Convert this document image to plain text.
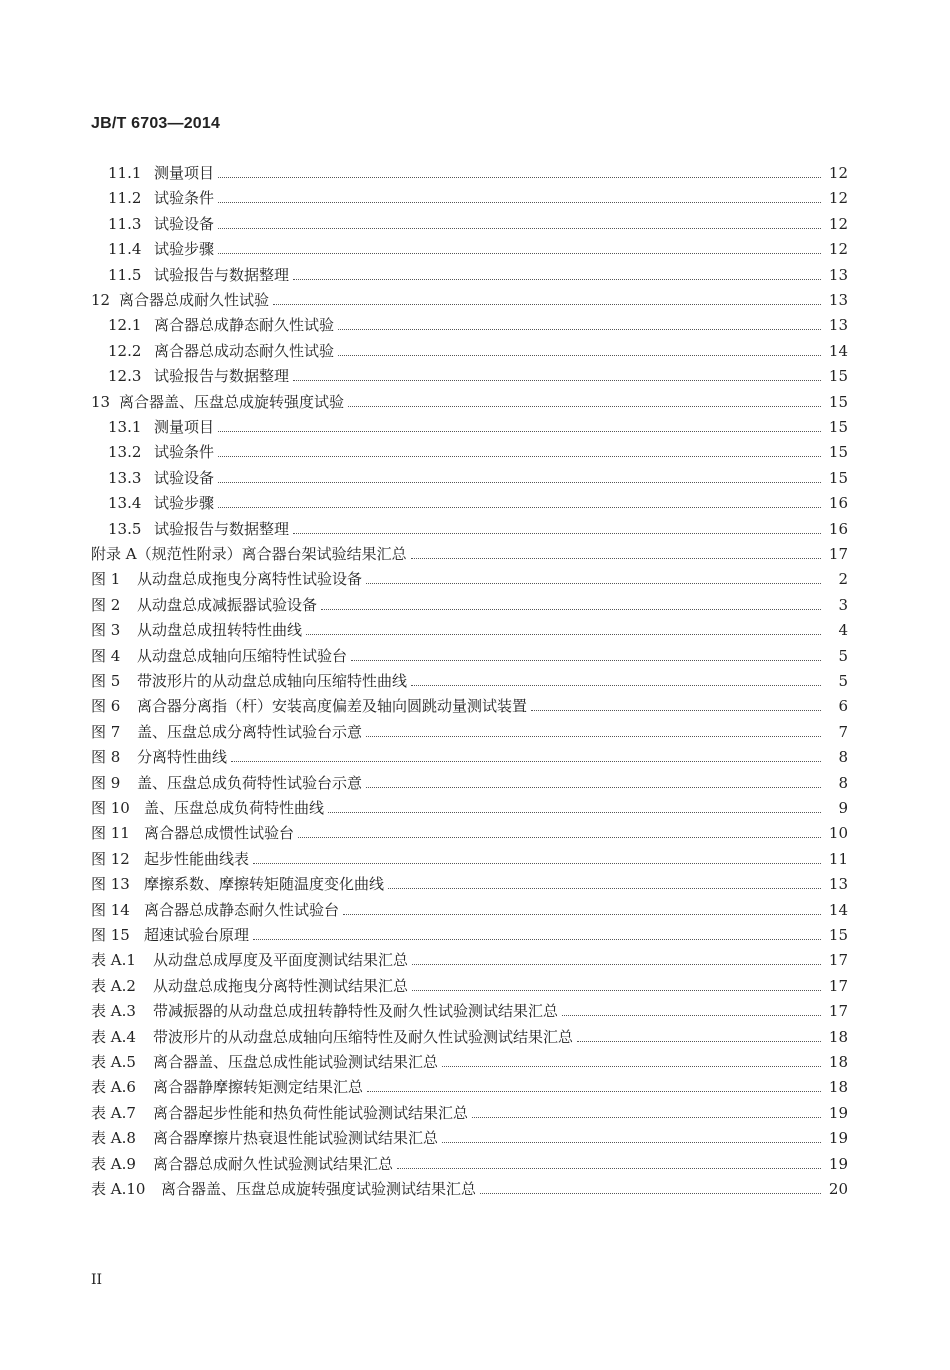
JB/T 6703—2014
11.1 测量项目	12
11.2 试验条件	12
11.3 试验设备	12
11.4 试验步骤	12
11.5 试验报告与数据整理	13
12 离合器总成耐久性试验	13
12.1 离合器总成静态耐久性试验	13
12.2 离合器总成动态耐久性试验	14
12.3 试验报告与数据整理	15
13 离合器盖、压盘总成旋转强度试验	15
13.1 测量项目	15
13.2 试验条件	15
13.3 试验设备	15
13.4 试验步骤	16
13.5 试验报告与数据整理	16
附录 A（规范性附录）离合器台架试验结果汇总	17
图 1	从动盘总成拖曳分离特性试验设备	2
图 2	从动盘总成减振器试验设备	3
图 3	从动盘总成扭转特性曲线	4
图 4	从动盘总成轴向压缩特性试验台	5
图 5	带波形片的从动盘总成轴向压缩特性曲线	5
图 6	离合器分离指（杆）安装高度偏差及轴向圆跳动量测试装置	6
图 7	盖、压盘总成分离特性试验台示意	7
图 8	分离特性曲线	8
图 9	盖、压盘总成负荷特性试验台示意	8
图 10 盖、压盘总成负荷特性曲线	9
图 11 离合器总成惯性试验台	10
图 12 起步性能曲线表	11
图 13 摩擦系数、摩擦转矩随温度变化曲线	13
图 14 离合器总成静态耐久性试验台	14
图 15 超速试验台原理	15
表 A.1	从动盘总成厚度及平面度测试结果汇总	17
表 A.2	从动盘总成拖曳分离特性测试结果汇总	17
表 A.3	带减振器的从动盘总成扭转静特性及耐久性试验测试结果汇总	17
表 A.4	带波形片的从动盘总成轴向压缩特性及耐久性试验测试结果汇总	18
表 A.5	离合器盖、压盘总成性能试验测试结果汇总	18
表 A.6	离合器静摩擦转矩测定结果汇总	18
表 A.7	离合器起步性能和热负荷性能试验测试结果汇总	19
表 A.8	离合器摩擦片热衰退性能试验测试结果汇总	19
表 A.9	离合器总成耐久性试验测试结果汇总	19
表 A.10	离合器盖、压盘总成旋转强度试验测试结果汇总	20
II
